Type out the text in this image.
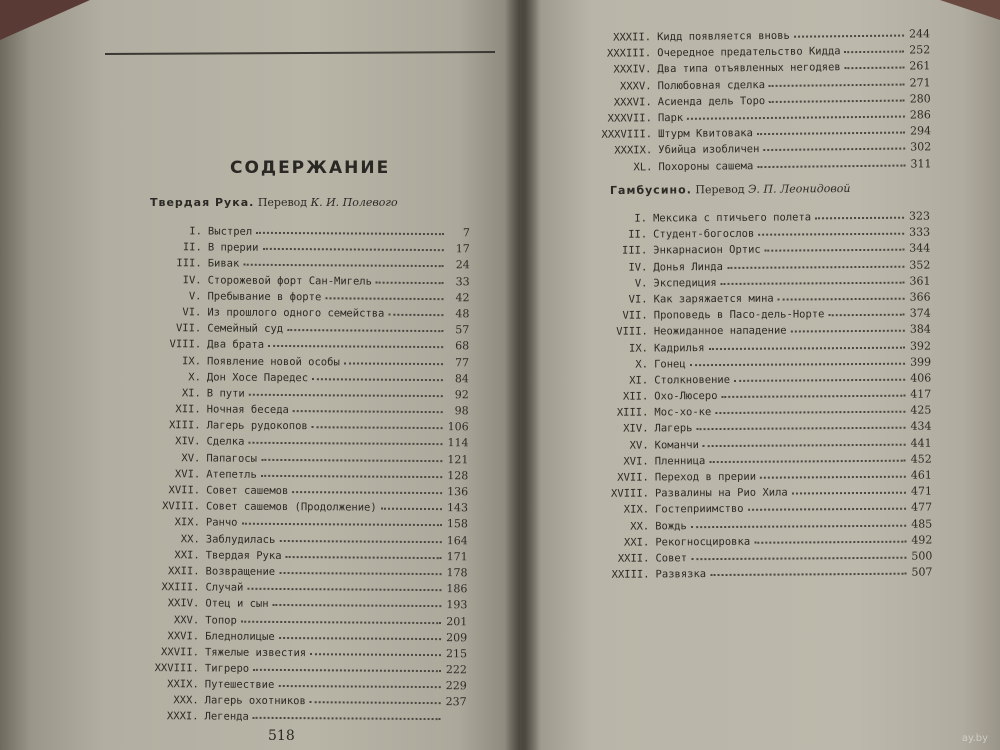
СОДЕРЖАНИЕ
Твердая Рука. Перевод К. И. Полевого
I. Выстрел	7
II. В прерии	17
III. Бивак	24
IV. Сторожевой форт Сан-Мигель	33
V. Пребывание в форте	42
VI. Из прошлого одного семейства	48
VII. Семейный суд	57
VIII. Два брата	68
IX. Появление новой особы	77
X. Дон Хосе Паредес	84
XI. В пути	92
XII. Ночная беседа	98
XIII. Лагерь рудокопов	106
XIV. Сделка	114
XV. Папагосы	121
XVI. Атепетль	128
XVII. Совет сашемов	136
XVIII. Совет сашемов (Продолжение)	143
XIX. Ранчо	158
XX. Заблудилась	164
XXI. Твердая Рука	171
XXII. Возвращение	178
XXIII. Случай	186
XXIV. Отец и сын	193
XXV. Топор	201
XXVI. Бледнолицые	209
XXVII. Тяжелые известия	215
XXVIII. Тигреро	222
XXIX. Путешествие	229
XXX. Лагерь охотников	237
XXXI. Легенда
518
XXXII. Кидд появляется вновь	244
XXXIII. Очередное предательство Кидда	252
XXXIV. Два типа отъявленных негодяев	261
XXXV. Полюбовная сделка	271
XXXVI. Асиенда дель Торо	280
XXXVII. Парк	286
XXXVIII. Штурм Квитовака	294
XXXIX. Убийца изобличен	302
XL. Похороны сашема	311
Гамбусино. Перевод Э. П. Леонидовой
I. Мексика с птичьего полета	323
II. Студент-богослов	333
III. Энкарнасион Ортис	344
IV. Донья Линда	352
V. Экспедиция	361
VI. Как заряжается мина	366
VII. Проповедь в Пасо-дель-Норте	374
VIII. Неожиданное нападение	384
IX. Кадрилья	392
X. Гонец	399
XI. Столкновение	406
XII. Охо-Люсеро	417
XIII. Мос-хо-ке	425
XIV. Лагерь	434
XV. Команчи	441
XVI. Пленница	452
XVII. Переход в прерии	461
XVIII. Развалины на Рио Хила	471
XIX. Гостеприимство	477
XX. Вождь	485
XXI. Рекогносцировка	492
XXII. Совет	500
XXIII. Развязка	507
ay.by
